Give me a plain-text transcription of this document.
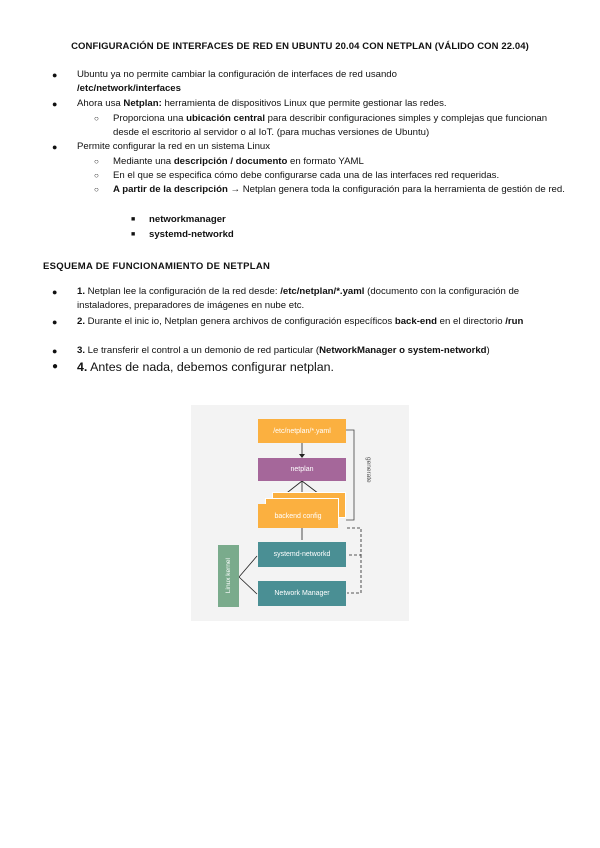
CONFIGURACIÓN DE INTERFACES DE RED EN UBUNTU 20.04 CON NETPLAN (VÁLIDO CON 22.04)
● Ubuntu ya no permite cambiar la configuración de interfaces de red usando
/etc/network/interfaces
● Ahora usa Netplan: herramienta de dispositivos Linux que permite gestionar las redes.
○ Proporciona una ubicación central para describir configuraciones simples y complejas que funcionan desde el escritorio al servidor o al IoT. (para muchas versiones de Ubuntu)
● Permite configurar la red en un sistema Linux
○ Mediante una descripción / documento en formato YAML
○ En el que se especifica cómo debe configurarse cada una de las interfaces red requeridas.
○ A partir de la descripción → Netplan genera toda la configuración para la herramienta de gestión de red.
■ networkmanager
■ systemd-networkd
ESQUEMA DE FUNCIONAMIENTO DE NETPLAN
● 1. Netplan lee la configuración de la red desde: /etc/netplan/*.yaml (documento con la configuración de instaladores, preparadores de imágenes en nube etc.
● 2. Durante el inic io, Netplan genera archivos de configuración específicos back-end en el directorio /run
● 3. Le transferir el control a un demonio de red particular (NetworkManager o system-networkd)
● 4. Antes de nada, debemos configurar netplan.
/etc/netplan/*.yaml
netplan
backend config
systemd-networkd
Network Manager
Linux kernel
generate
